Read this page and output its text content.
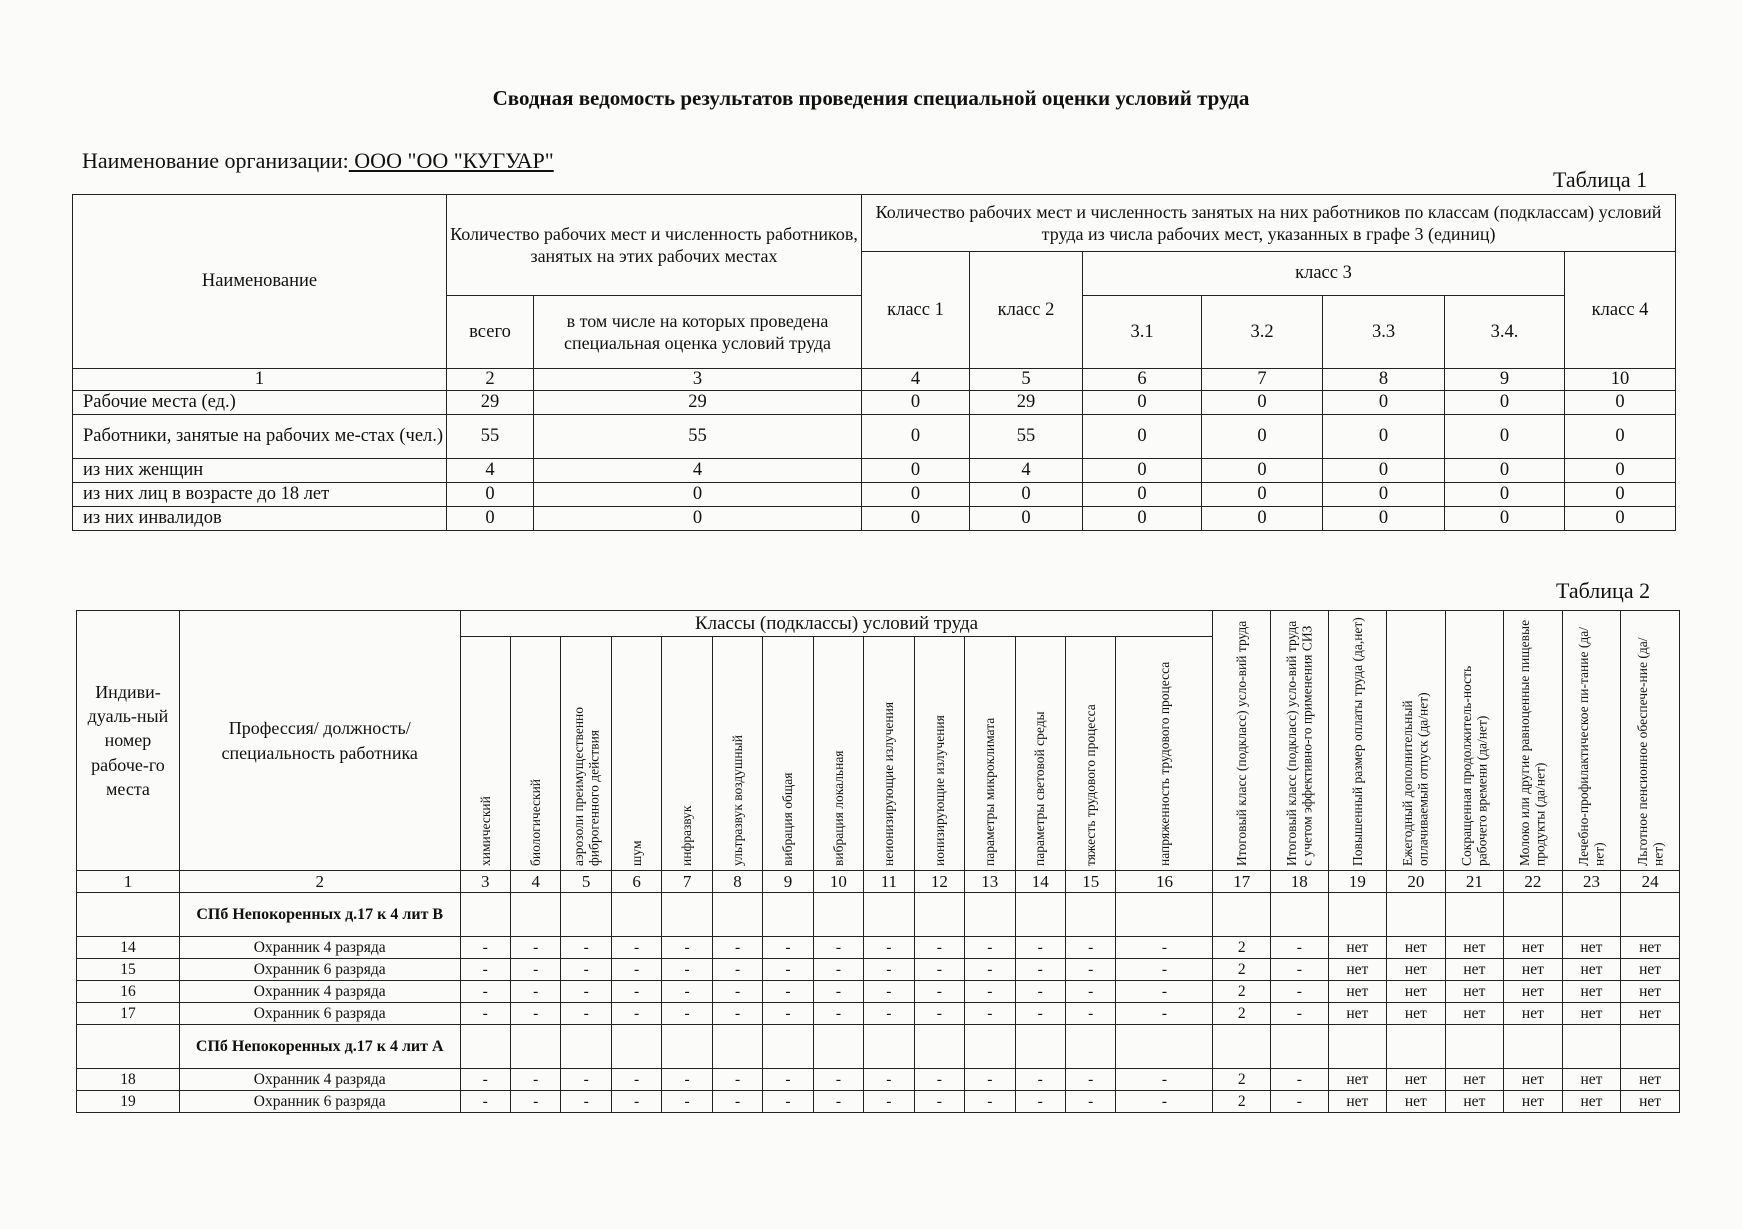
Сводная ведомость результатов проведения специальной оценки условий труда
Наименование организации: ООО "ОО "КУГУАР"
Таблица 1
Наименование	Количество рабочих мест и численность работников, занятых на этих рабочих местах		Количество рабочих мест и численность занятых на них работников по классам (подклассам) условий труда из числа рабочих мест, указанных в графе 3 (единиц)						
			класс 1	класс 2	класс 3				класс 4
	всего	в том числе на которых проведена специальная оценка условий труда			3.1	3.2	3.3	3.4.	
1	2	3	4	5	6	7	8	9	10
Рабочие места (ед.)	29	29	0	29	0	0	0	0	0
Работники, занятые на рабочих ме-стах (чел.)	55	55	0	55	0	0	0	0	0
из них женщин	4	4	0	4	0	0	0	0	0
из них лиц в возрасте до 18 лет	0	0	0	0	0	0	0	0	0
из них инвалидов	0	0	0	0	0	0	0	0	0
Таблица 2
Индиви-дуаль-ный номер рабоче-го места	Профессия/ должность/ специальность работника	Классы (подклассы) условий труда														Итоговый класс (подкласс) усло-вий труда	Итоговый класс (подкласс) усло-вий труда с учетом эффективно-го применения СИЗ	Повышенный размер оплаты труда (да,нет)	Ежегодный дополнительный оплачиваемый отпуск (да/нет)	Сокращенная продолжитель-ность рабочего времени (да/нет)	Молоко или другие равноценные пищевые продукты (да/нет)	Лечебно-профилактическое пи-тание (да/нет)	Льготное пенсионное обеспече-ние (да/нет)

		химический	биологический	аэрозоли преимущественно фиброгенного действия	шум	инфразвук	ультразвук воздушный	вибрация общая	вибрация локальная	неионизирующие излучения	ионизирующие излучения	параметры микроклимата	параметры световой среды	тяжесть трудового процесса	напряженность трудового процесса								

1	2	3	4	5	6	7	8	9	10	11	12	13	14	15	16	17	18	19	20	21	22	23	24
	СПб Непокоренных д.17 к 4 лит В																						
14	Охранник 4 разряда	-	-	-	-	-	-	-	-	-	-	-	-	-	-	2	-	нет	нет	нет	нет	нет	нет
15	Охранник 6 разряда	-	-	-	-	-	-	-	-	-	-	-	-	-	-	2	-	нет	нет	нет	нет	нет	нет
16	Охранник 4 разряда	-	-	-	-	-	-	-	-	-	-	-	-	-	-	2	-	нет	нет	нет	нет	нет	нет
17	Охранник 6 разряда	-	-	-	-	-	-	-	-	-	-	-	-	-	-	2	-	нет	нет	нет	нет	нет	нет
	СПб Непокоренных д.17 к 4 лит А																						
18	Охранник 4 разряда	-	-	-	-	-	-	-	-	-	-	-	-	-	-	2	-	нет	нет	нет	нет	нет	нет
19	Охранник 6 разряда	-	-	-	-	-	-	-	-	-	-	-	-	-	-	2	-	нет	нет	нет	нет	нет	нет
